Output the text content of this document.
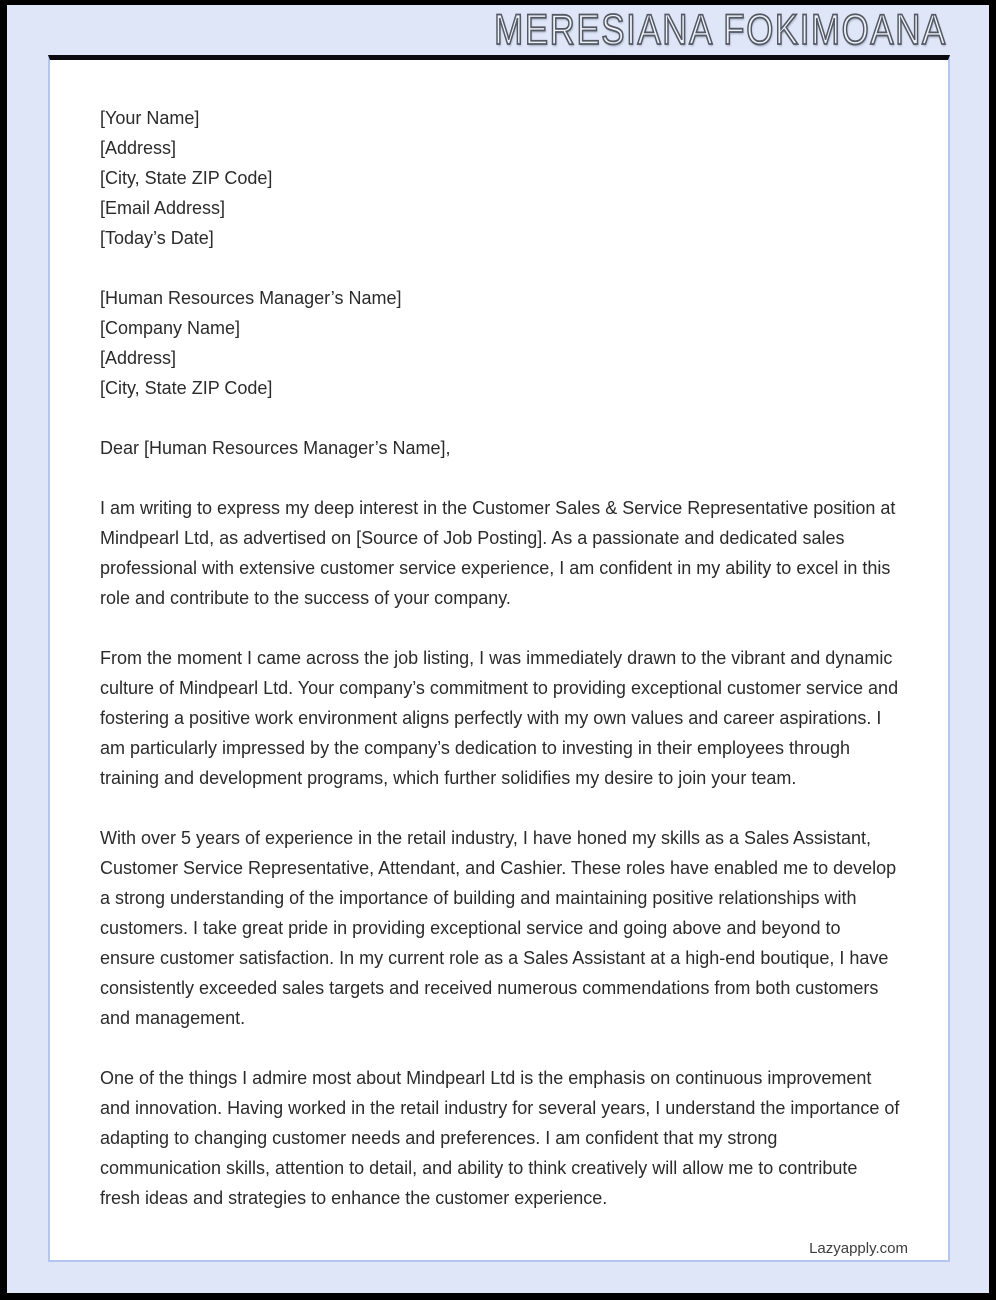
MERESIANA FOKIMOANA
[Your Name]
[Address]
[City, State ZIP Code]
[Email Address]
[Today’s Date]
[Human Resources Manager’s Name]
[Company Name]
[Address]
[City, State ZIP Code]

Dear [Human Resources Manager’s Name],

I am writing to express my deep interest in the Customer Sales & Service Representative position at Mindpearl Ltd, as advertised on [Source of Job Posting]. As a passionate and dedicated sales professional with extensive customer service experience, I am confident in my ability to excel in this role and contribute to the success of your company.

From the moment I came across the job listing, I was immediately drawn to the vibrant and dynamic culture of Mindpearl Ltd. Your company’s commitment to providing exceptional customer service and fostering a positive work environment aligns perfectly with my own values and career aspirations. I am particularly impressed by the company’s dedication to investing in their employees through training and development programs, which further solidifies my desire to join your team.

With over 5 years of experience in the retail industry, I have honed my skills as a Sales Assistant, Customer Service Representative, Attendant, and Cashier. These roles have enabled me to develop a strong understanding of the importance of building and maintaining positive relationships with customers. I take great pride in providing exceptional service and going above and beyond to ensure customer satisfaction. In my current role as a Sales Assistant at a high-end boutique, I have consistently exceeded sales targets and received numerous commendations from both customers and management.

One of the things I admire most about Mindpearl Ltd is the emphasis on continuous improvement and innovation. Having worked in the retail industry for several years, I understand the importance of adapting to changing customer needs and preferences. I am confident that my strong communication skills, attention to detail, and ability to think creatively will allow me to contribute fresh ideas and strategies to enhance the customer experience.

Lazyapply.com
